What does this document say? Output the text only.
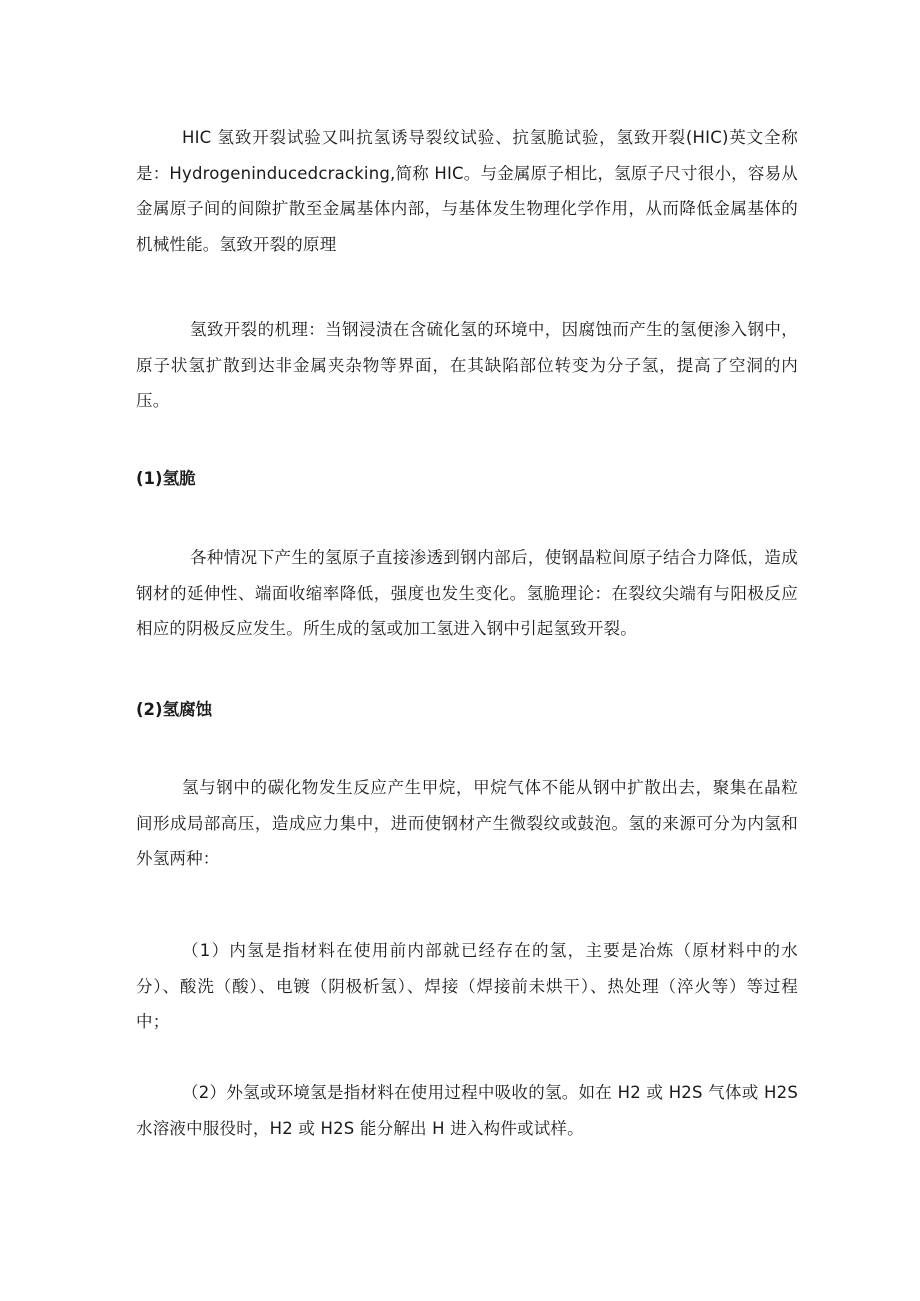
HIC 氢致开裂试验又叫抗氢诱导裂纹试验、抗氢脆试验，氢致开裂(HIC)英文全称是：Hydrogeninducedcracking,简称 HIC。与金属原子相比，氢原子尺寸很小，容易从金属原子间的间隙扩散至金属基体内部，与基体发生物理化学作用，从而降低金属基体的机械性能。氢致开裂的原理

氢致开裂的机理：当钢浸渍在含硫化氢的环境中，因腐蚀而产生的氢便渗入钢中，原子状氢扩散到达非金属夹杂物等界面，在其缺陷部位转变为分子氢，提高了空洞的内压。

(1)氢脆

各种情况下产生的氢原子直接渗透到钢内部后，使钢晶粒间原子结合力降低，造成钢材的延伸性、端面收缩率降低，强度也发生变化。氢脆理论：在裂纹尖端有与阳极反应相应的阴极反应发生。所生成的氢或加工氢进入钢中引起氢致开裂。

(2)氢腐蚀

氢与钢中的碳化物发生反应产生甲烷，甲烷气体不能从钢中扩散出去，聚集在晶粒间形成局部高压，造成应力集中，进而使钢材产生微裂纹或鼓泡。氢的来源可分为内氢和外氢两种：

（1）内氢是指材料在使用前内部就已经存在的氢，主要是冶炼（原材料中的水分）、酸洗（酸）、电镀（阴极析氢）、焊接（焊接前未烘干）、热处理（淬火等）等过程中；

（2）外氢或环境氢是指材料在使用过程中吸收的氢。如在 H2 或 H2S 气体或 H2S 水溶液中服役时，H2 或 H2S 能分解出 H 进入构件或试样。
